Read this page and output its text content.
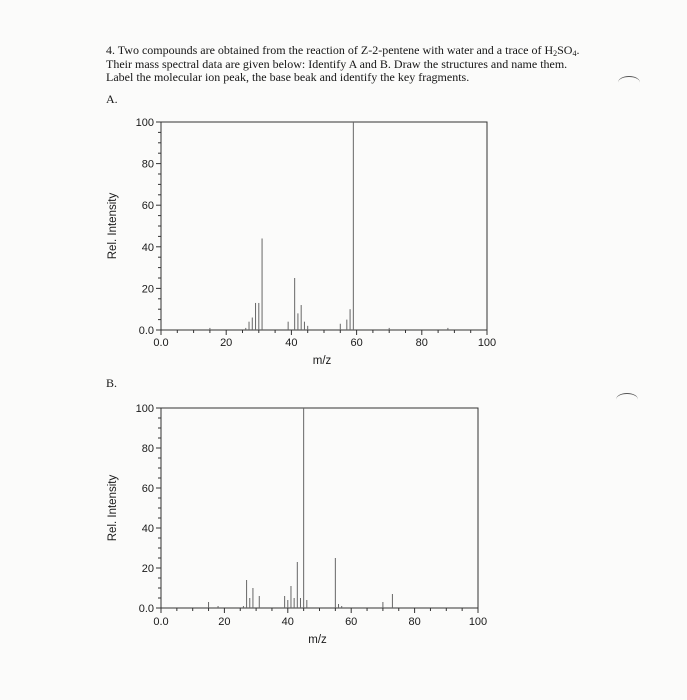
4. Two compounds are obtained from the reaction of Z-2-pentene with water and a trace of $H_2SO_4$.
Their mass spectral data are given below: Identify A and B. Draw the structures and name them.
Label the molecular ion peak, the base beak and identify the key fragments.
A.
B.
0.0	20	40	60	80	100
0.0
20
40
60
80
100
m/z
Rel. Intensity
0.0	20	40	60	80	100
0.0
20
40
60
80
100
m/z
Rel. Intensity
